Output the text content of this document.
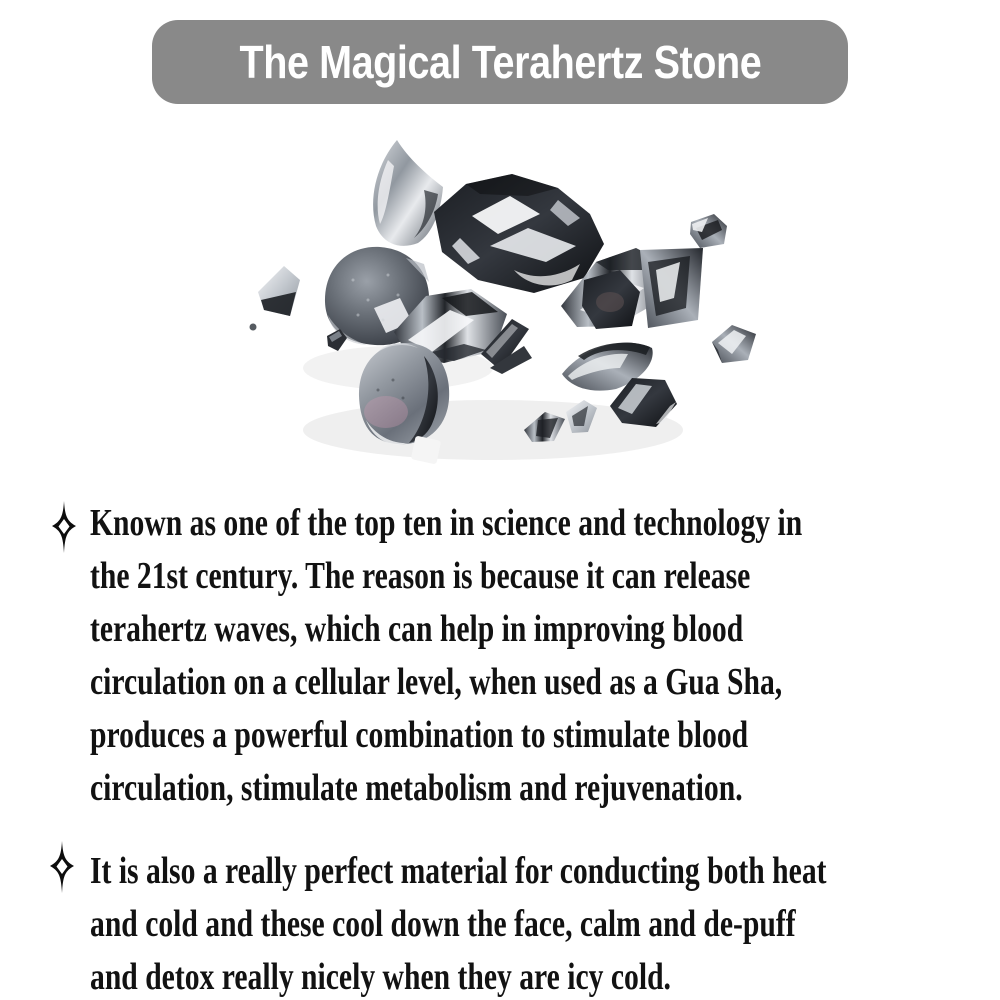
The Magical Terahertz Stone
Known as one of the top ten in science and technology in
the 21st century. The reason is because it can release
terahertz waves, which can help in improving blood
circulation on a cellular level, when used as a Gua Sha,
produces a powerful combination to stimulate blood
circulation, stimulate metabolism and rejuvenation.
It is also a really perfect material for conducting both heat
and cold and these cool down the face, calm and de-puff
and detox really nicely when they are icy cold.
